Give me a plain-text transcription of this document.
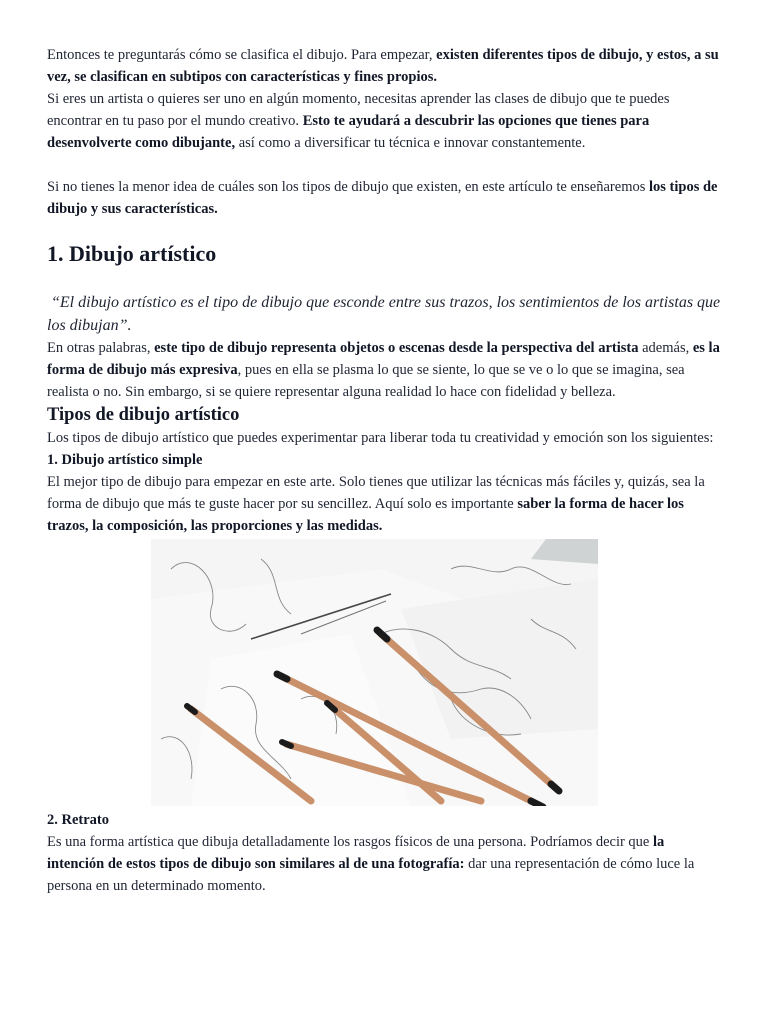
Entonces te preguntarás cómo se clasifica el dibujo. Para empezar, existen diferentes tipos de dibujo, y estos, a su vez, se clasifican en subtipos con características y fines propios.

Si eres un artista o quieres ser uno en algún momento, necesitas aprender las clases de dibujo que te puedes encontrar en tu paso por el mundo creativo. Esto te ayudará a descubrir las opciones que tienes para desenvolverte como dibujante, así como a diversificar tu técnica e innovar constantemente.

Si no tienes la menor idea de cuáles son los tipos de dibujo que existen, en este artículo te enseñaremos los tipos de dibujo y sus características.

1. Dibujo artístico

“El dibujo artístico es el tipo de dibujo que esconde entre sus trazos, los sentimientos de los artistas que los dibujan”.

En otras palabras, este tipo de dibujo representa objetos o escenas desde la perspectiva del artista además, es la forma de dibujo más expresiva, pues en ella se plasma lo que se siente, lo que se ve o lo que se imagina, sea realista o no. Sin embargo, si se quiere representar alguna realidad lo hace con fidelidad y belleza.

Tipos de dibujo artístico

Los tipos de dibujo artístico que puedes experimentar para liberar toda tu creatividad y emoción son los siguientes:

1. Dibujo artístico simple

El mejor tipo de dibujo para empezar en este arte. Solo tienes que utilizar las técnicas más fáciles y, quizás, sea la forma de dibujo que más te guste hacer por su sencillez. Aquí solo es importante saber la forma de hacer los trazos, la composición, las proporciones y las medidas.

2. Retrato

Es una forma artística que dibuja detalladamente los rasgos físicos de una persona. Podríamos decir que la intención de estos tipos de dibujo son similares al de una fotografía: dar una representación de cómo luce la persona en un determinado momento.
